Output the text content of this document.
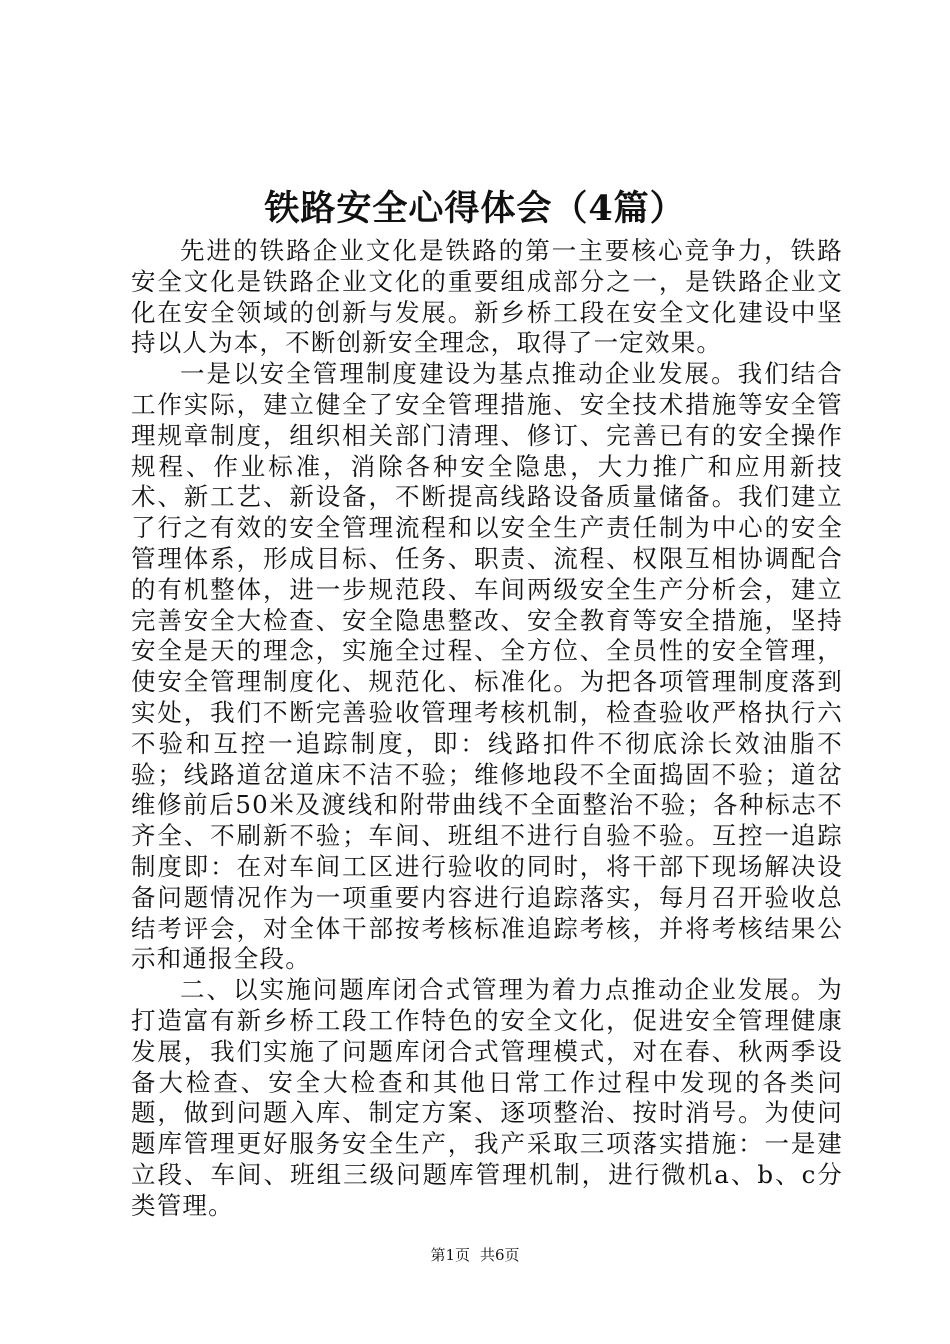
铁路安全心得体会（4篇）

先进的铁路企业文化是铁路的第一主要核心竞争力，铁路安全文化是铁路企业文化的重要组成部分之一，是铁路企业文化在安全领域的创新与发展。新乡桥工段在安全文化建设中坚持以人为本，不断创新安全理念，取得了一定效果。

一是以安全管理制度建设为基点推动企业发展。我们结合工作实际，建立健全了安全管理措施、安全技术措施等安全管理规章制度，组织相关部门清理、修订、完善已有的安全操作规程、作业标准，消除各种安全隐患，大力推广和应用新技术、新工艺、新设备，不断提高线路设备质量储备。我们建立了行之有效的安全管理流程和以安全生产责任制为中心的安全管理体系，形成目标、任务、职责、流程、权限互相协调配合的有机整体，进一步规范段、车间两级安全生产分析会，建立完善安全大检查、安全隐患整改、安全教育等安全措施，坚持安全是天的理念，实施全过程、全方位、全员性的安全管理，使安全管理制度化、规范化、标准化。为把各项管理制度落到实处，我们不断完善验收管理考核机制，检查验收严格执行六不验和互控一追踪制度，即：线路扣件不彻底涂长效油脂不验；线路道岔道床不洁不验；维修地段不全面捣固不验；道岔维修前后50米及渡线和附带曲线不全面整治不验；各种标志不齐全、不刷新不验；车间、班组不进行自验不验。互控一追踪制度即：在对车间工区进行验收的同时，将干部下现场解决设备问题情况作为一项重要内容进行追踪落实，每月召开验收总结考评会，对全体干部按考核标准追踪考核，并将考核结果公示和通报全段。

二、以实施问题库闭合式管理为着力点推动企业发展。为打造富有新乡桥工段工作特色的安全文化，促进安全管理健康发展，我们实施了问题库闭合式管理模式，对在春、秋两季设备大检查、安全大检查和其他日常工作过程中发现的各类问题，做到问题入库、制定方案、逐项整治、按时消号。为使问题库管理更好服务安全生产，我产采取三项落实措施：一是建立段、车间、班组三级问题库管理机制，进行微机a、b、c分类管理。

第1页 共6页
